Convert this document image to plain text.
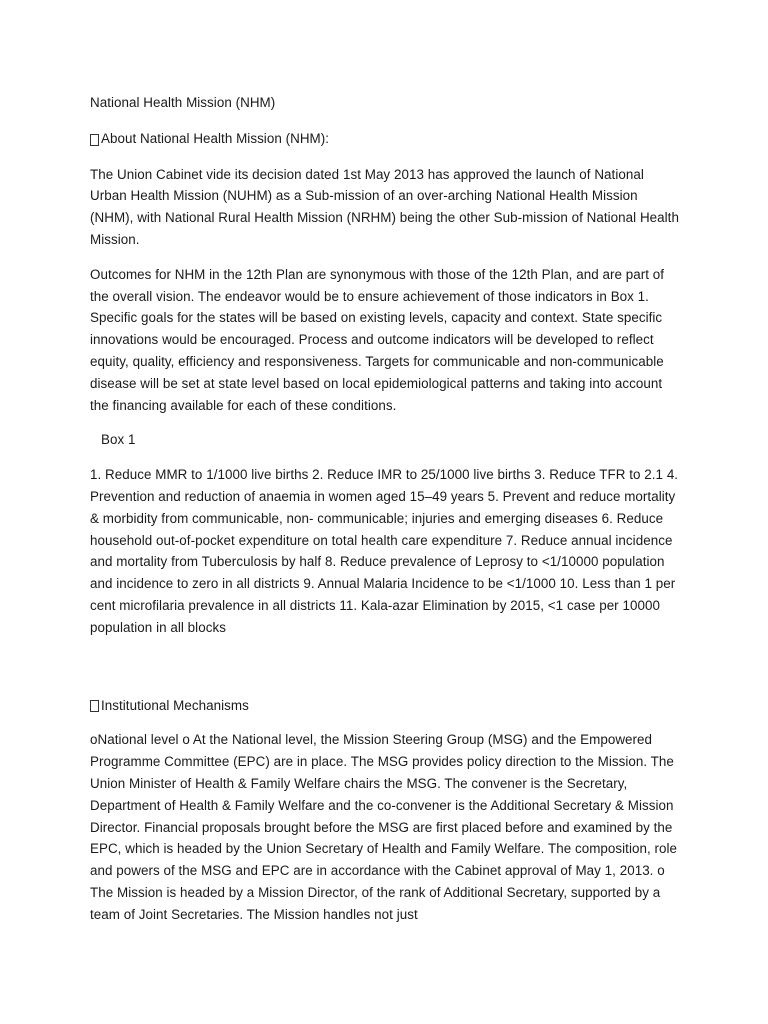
National Health Mission (NHM)

About National Health Mission (NHM):

The Union Cabinet vide its decision dated 1st May 2013 has approved the launch of National Urban Health Mission (NUHM) as a Sub-mission of an over-arching National Health Mission (NHM), with National Rural Health Mission (NRHM) being the other Sub-mission of National Health Mission.

Outcomes for NHM in the 12th Plan are synonymous with those of the 12th Plan, and are part of the overall vision. The endeavor would be to ensure achievement of those indicators in Box 1. Specific goals for the states will be based on existing levels, capacity and context. State specific innovations would be encouraged. Process and outcome indicators will be developed to reflect equity, quality, efficiency and responsiveness. Targets for communicable and non-communicable disease will be set at state level based on local epidemiological patterns and taking into account the financing available for each of these conditions.

Box 1

1. Reduce MMR to 1/1000 live births 2. Reduce IMR to 25/1000 live births 3. Reduce TFR to 2.1 4. Prevention and reduction of anaemia in women aged 15–49 years 5. Prevent and reduce mortality & morbidity from communicable, non- communicable; injuries and emerging diseases 6. Reduce household out-of-pocket expenditure on total health care expenditure 7. Reduce annual incidence and mortality from Tuberculosis by half 8. Reduce prevalence of Leprosy to <1/10000 population and incidence to zero in all districts 9. Annual Malaria Incidence to be <1/1000 10. Less than 1 per cent microfilaria prevalence in all districts 11. Kala-azar Elimination by 2015, <1 case per 10000 population in all blocks

Institutional Mechanisms

oNational level o At the National level, the Mission Steering Group (MSG) and the Empowered Programme Committee (EPC) are in place. The MSG provides policy direction to the Mission. The Union Minister of Health & Family Welfare chairs the MSG. The convener is the Secretary, Department of Health & Family Welfare and the co-convener is the Additional Secretary & Mission Director. Financial proposals brought before the MSG are first placed before and examined by the EPC, which is headed by the Union Secretary of Health and Family Welfare. The composition, role and powers of the MSG and EPC are in accordance with the Cabinet approval of May 1, 2013. o The Mission is headed by a Mission Director, of the rank of Additional Secretary, supported by a team of Joint Secretaries. The Mission handles not just
